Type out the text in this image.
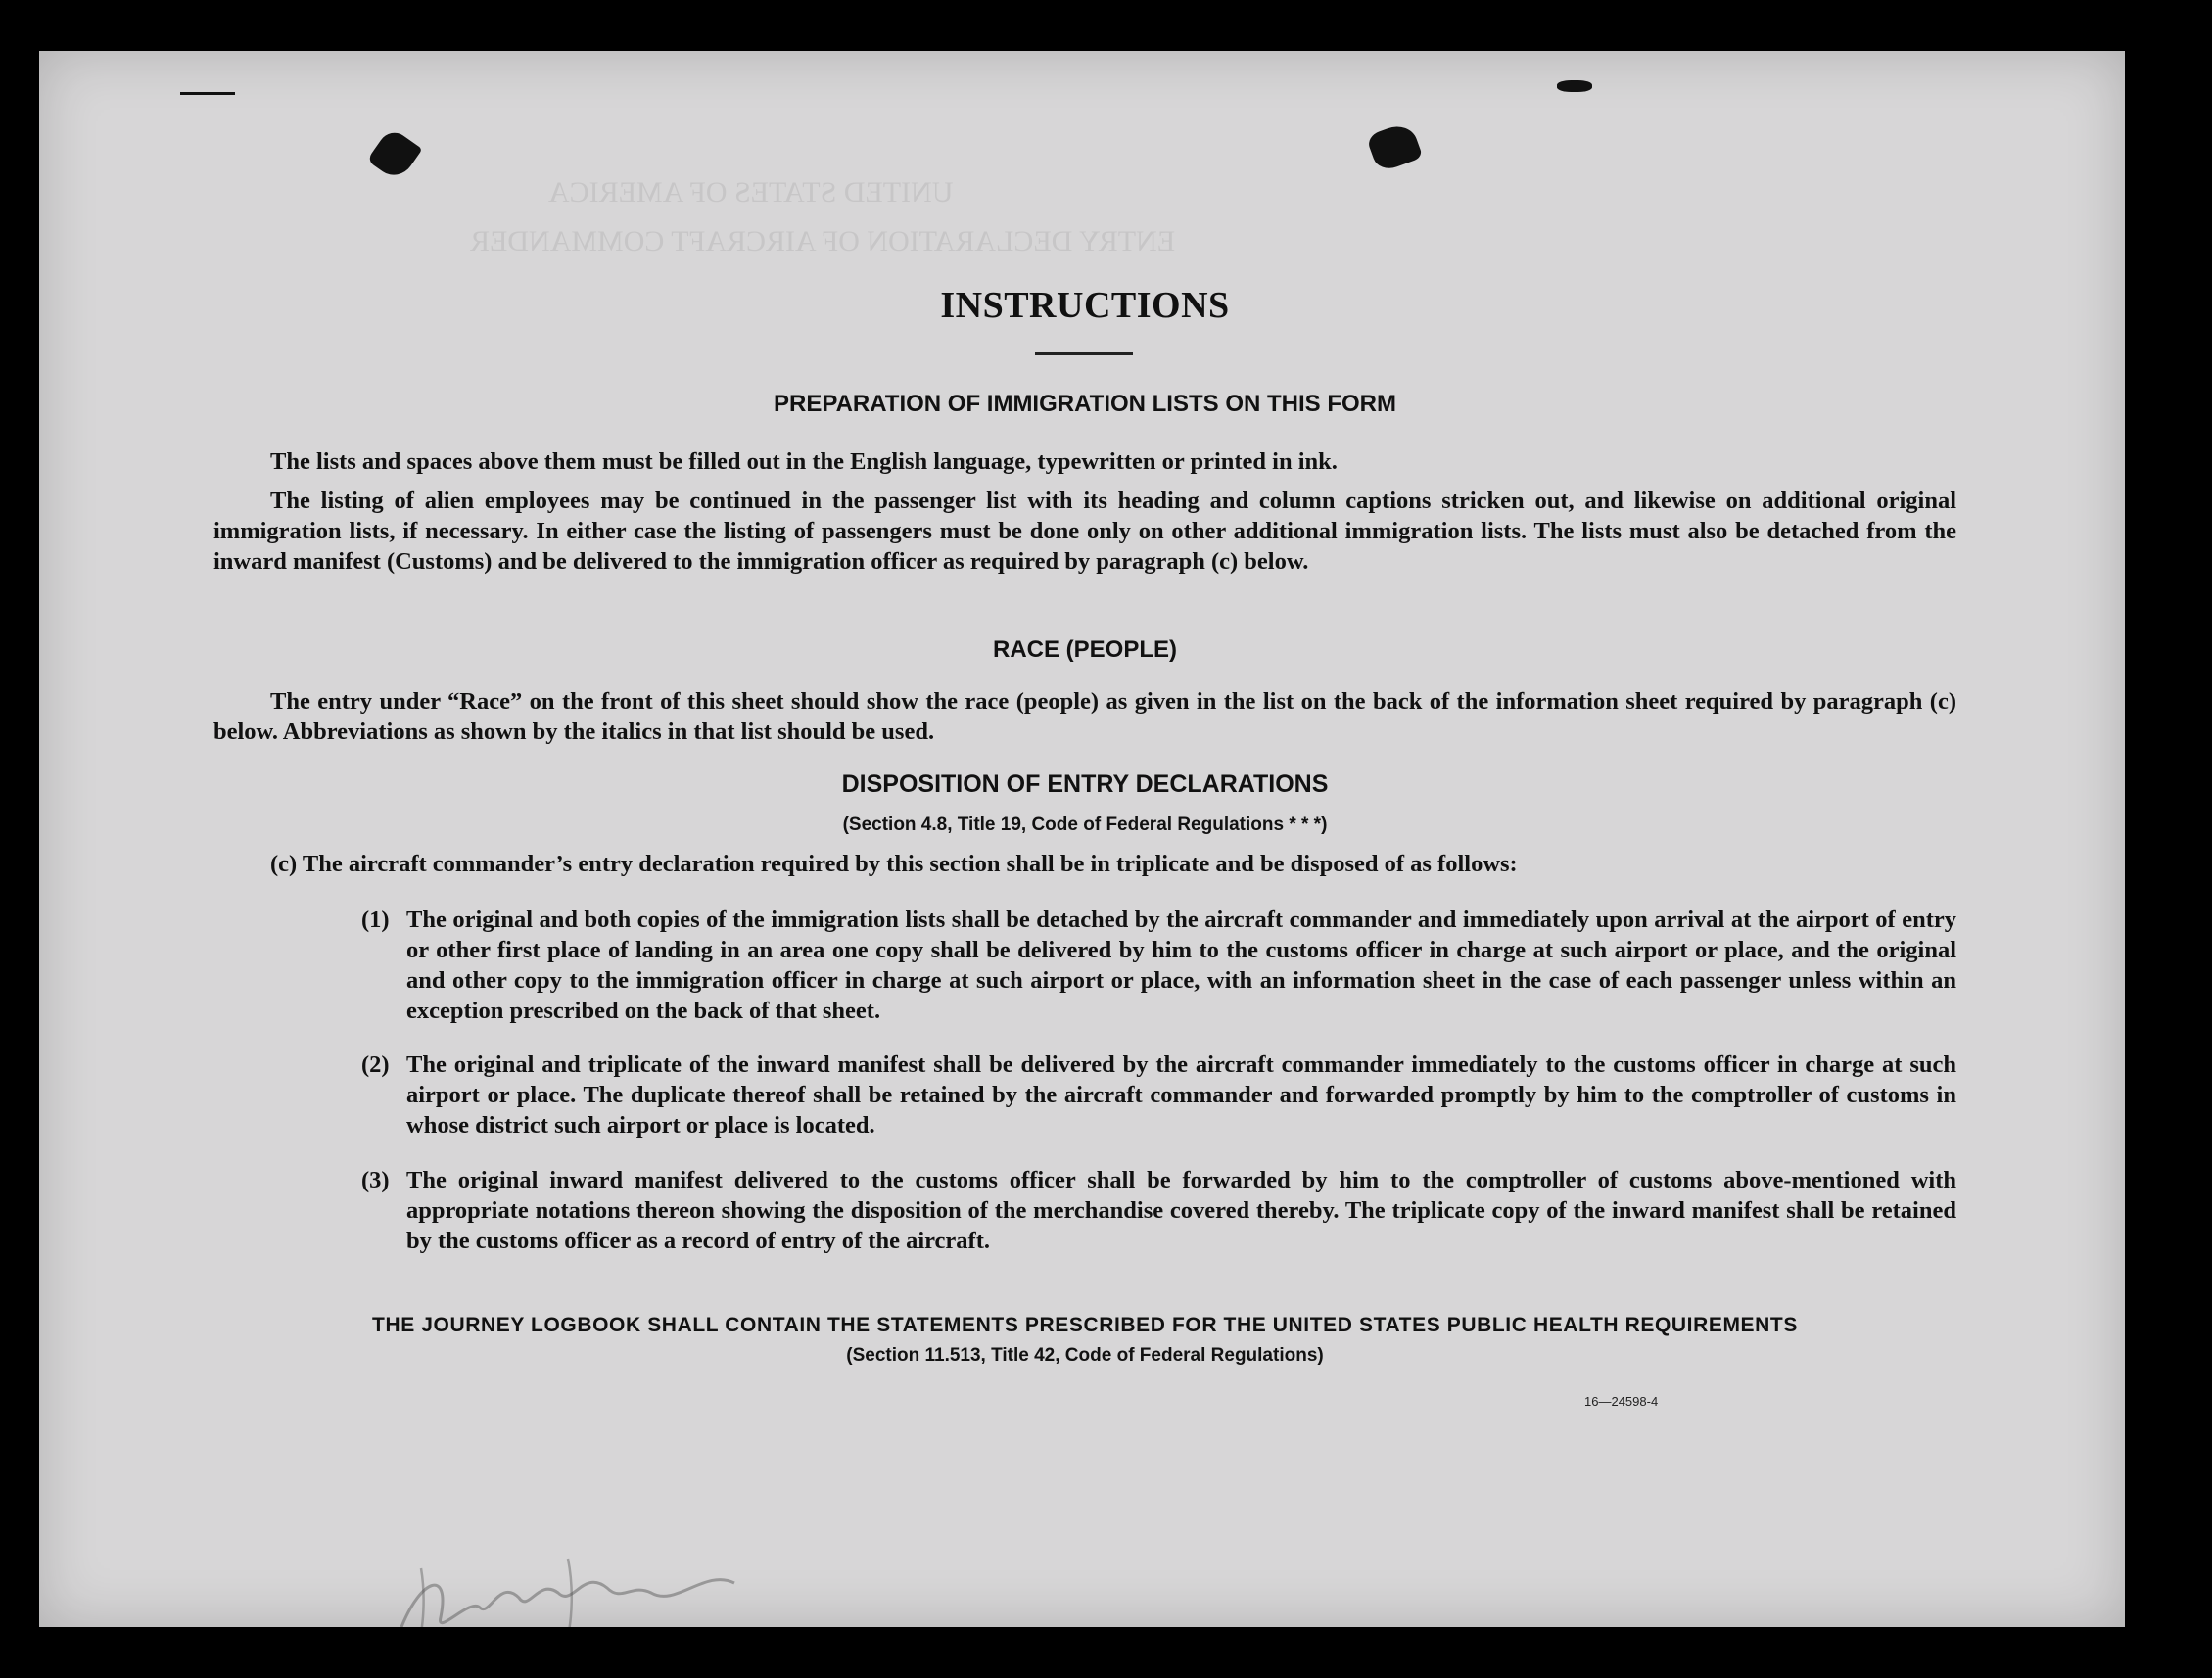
UNITED STATES OF AMERICA
ENTRY DECLARATION OF AIRCRAFT COMMANDER
INSTRUCTIONS
PREPARATION OF IMMIGRATION LISTS ON THIS FORM

The lists and spaces above them must be filled out in the English language, typewritten or printed in ink.

The listing of alien employees may be continued in the passenger list with its heading and column captions stricken out, and likewise on additional original immigration lists, if necessary. In either case the listing of passengers must be done only on other additional immigration lists. The lists must also be detached from the inward manifest (Customs) and be delivered to the immigration officer as required by paragraph (c) below.

RACE (PEOPLE)

The entry under “Race” on the front of this sheet should show the race (people) as given in the list on the back of the information sheet required by paragraph (c) below. Abbreviations as shown by the italics in that list should be used.

DISPOSITION OF ENTRY DECLARATIONS
(Section 4.8, Title 19, Code of Federal Regulations * * *)
(c) The aircraft commander’s entry declaration required by this section shall be in triplicate and be disposed of as follows:
(1) The original and both copies of the immigration lists shall be detached by the aircraft commander and immediately upon arrival at the airport of entry or other first place of landing in an area one copy shall be delivered by him to the customs officer in charge at such airport or place, and the original and other copy to the immigration officer in charge at such airport or place, with an information sheet in the case of each passenger unless within an exception prescribed on the back of that sheet.
(2) The original and triplicate of the inward manifest shall be delivered by the aircraft commander immediately to the customs officer in charge at such airport or place. The duplicate thereof shall be retained by the aircraft commander and forwarded promptly by him to the comptroller of customs in whose district such airport or place is located.
(3) The original inward manifest delivered to the customs officer shall be forwarded by him to the comptroller of customs above-mentioned with appropriate notations thereon showing the disposition of the merchandise covered thereby. The triplicate copy of the inward manifest shall be retained by the customs officer as a record of entry of the aircraft.
THE JOURNEY LOGBOOK SHALL CONTAIN THE STATEMENTS PRESCRIBED FOR THE UNITED STATES PUBLIC HEALTH REQUIREMENTS
(Section 11.513, Title 42, Code of Federal Regulations)
16—24598-4
